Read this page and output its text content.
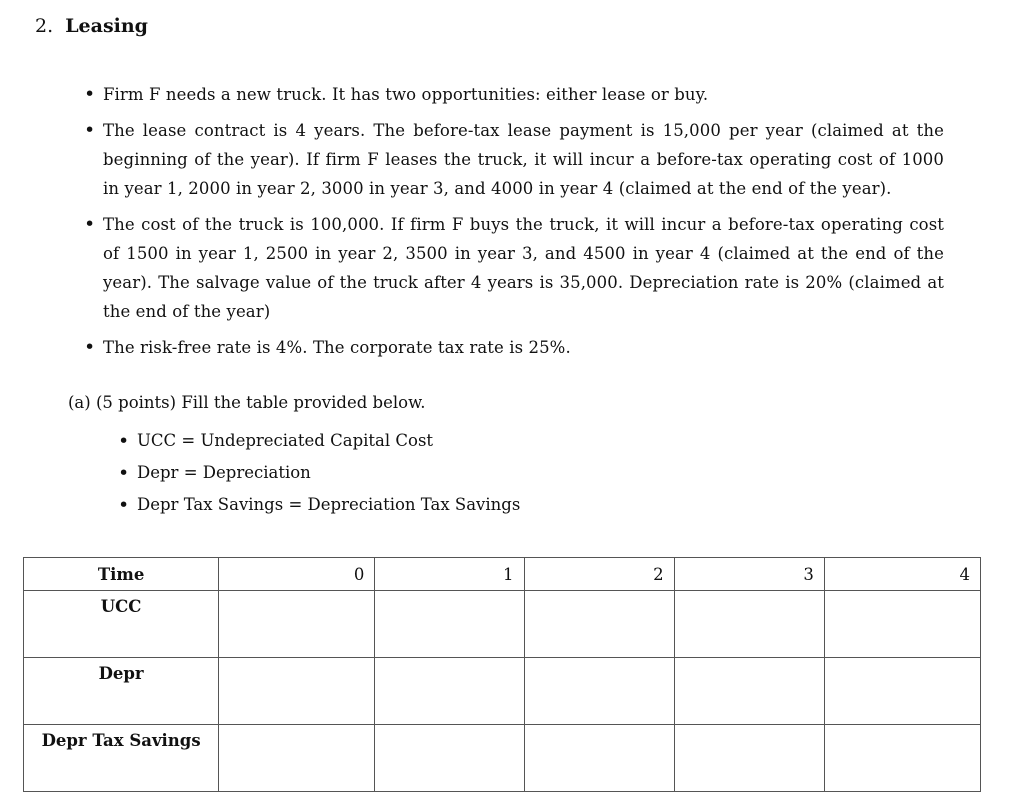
2. Leasing
• Firm F needs a new truck. It has two opportunities: either lease or buy.
• The lease contract is 4 years. The before-tax lease payment is 15,000 per year (claimed at the beginning of the year). If firm F leases the truck, it will incur a before-tax operating cost of 1000 in year 1, 2000 in year 2, 3000 in year 3, and 4000 in year 4 (claimed at the end of the year).
• The cost of the truck is 100,000. If firm F buys the truck, it will incur a before-tax operating cost of 1500 in year 1, 2500 in year 2, 3500 in year 3, and 4500 in year 4 (claimed at the end of the year). The salvage value of the truck after 4 years is 35,000. Depreciation rate is 20% (claimed at the end of the year)
• The risk-free rate is 4%. The corporate tax rate is 25%.
(a) (5 points) Fill the table provided below.
• UCC = Undepreciated Capital Cost
• Depr = Depreciation
• Depr Tax Savings = Depreciation Tax Savings
Time	0	1	2	3	4
UCC					
Depr					
Depr Tax Savings					
